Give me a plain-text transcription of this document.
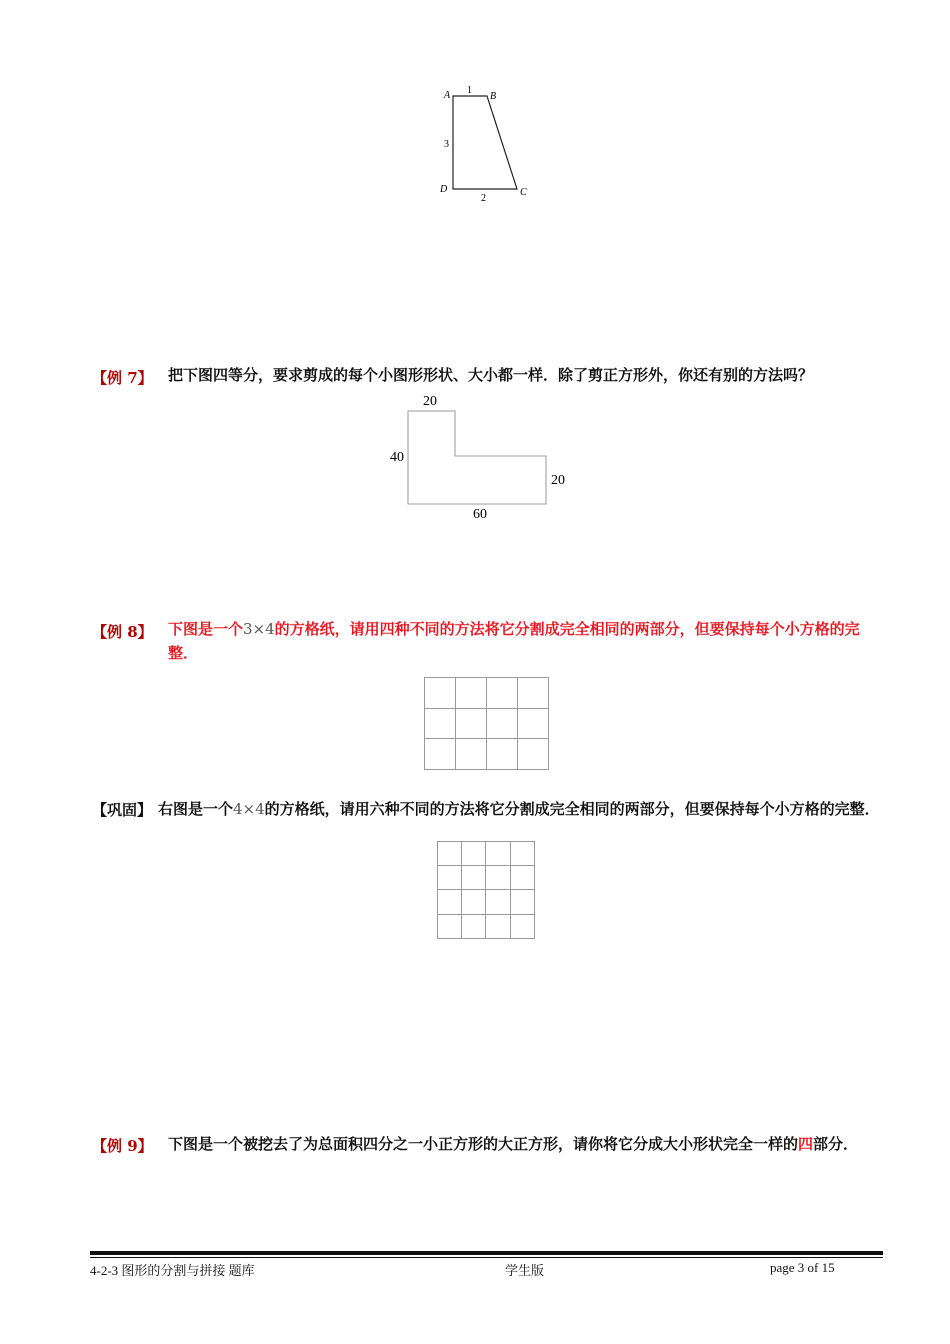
A	B
C
D
1
3
2
【例 7】 把下图四等分，要求剪成的每个小图形形状、大小都一样．除了剪正方形外，你还有别的方法吗？
20
40
20
60
【例 8】 下图是一个3×4的方格纸，请用四种不同的方法将它分割成完全相同的两部分，但要保持每个小方格的完整．
【巩固】 右图是一个4×4的方格纸，请用六种不同的方法将它分割成完全相同的两部分，但要保持每个小方格的完整．
【例 9】 下图是一个被挖去了为总面积四分之一小正方形的大正方形，请你将它分成大小形状完全一样的四部分．
4-2-3 图形的分割与拼接 题库	学生版	page 3 of 15
